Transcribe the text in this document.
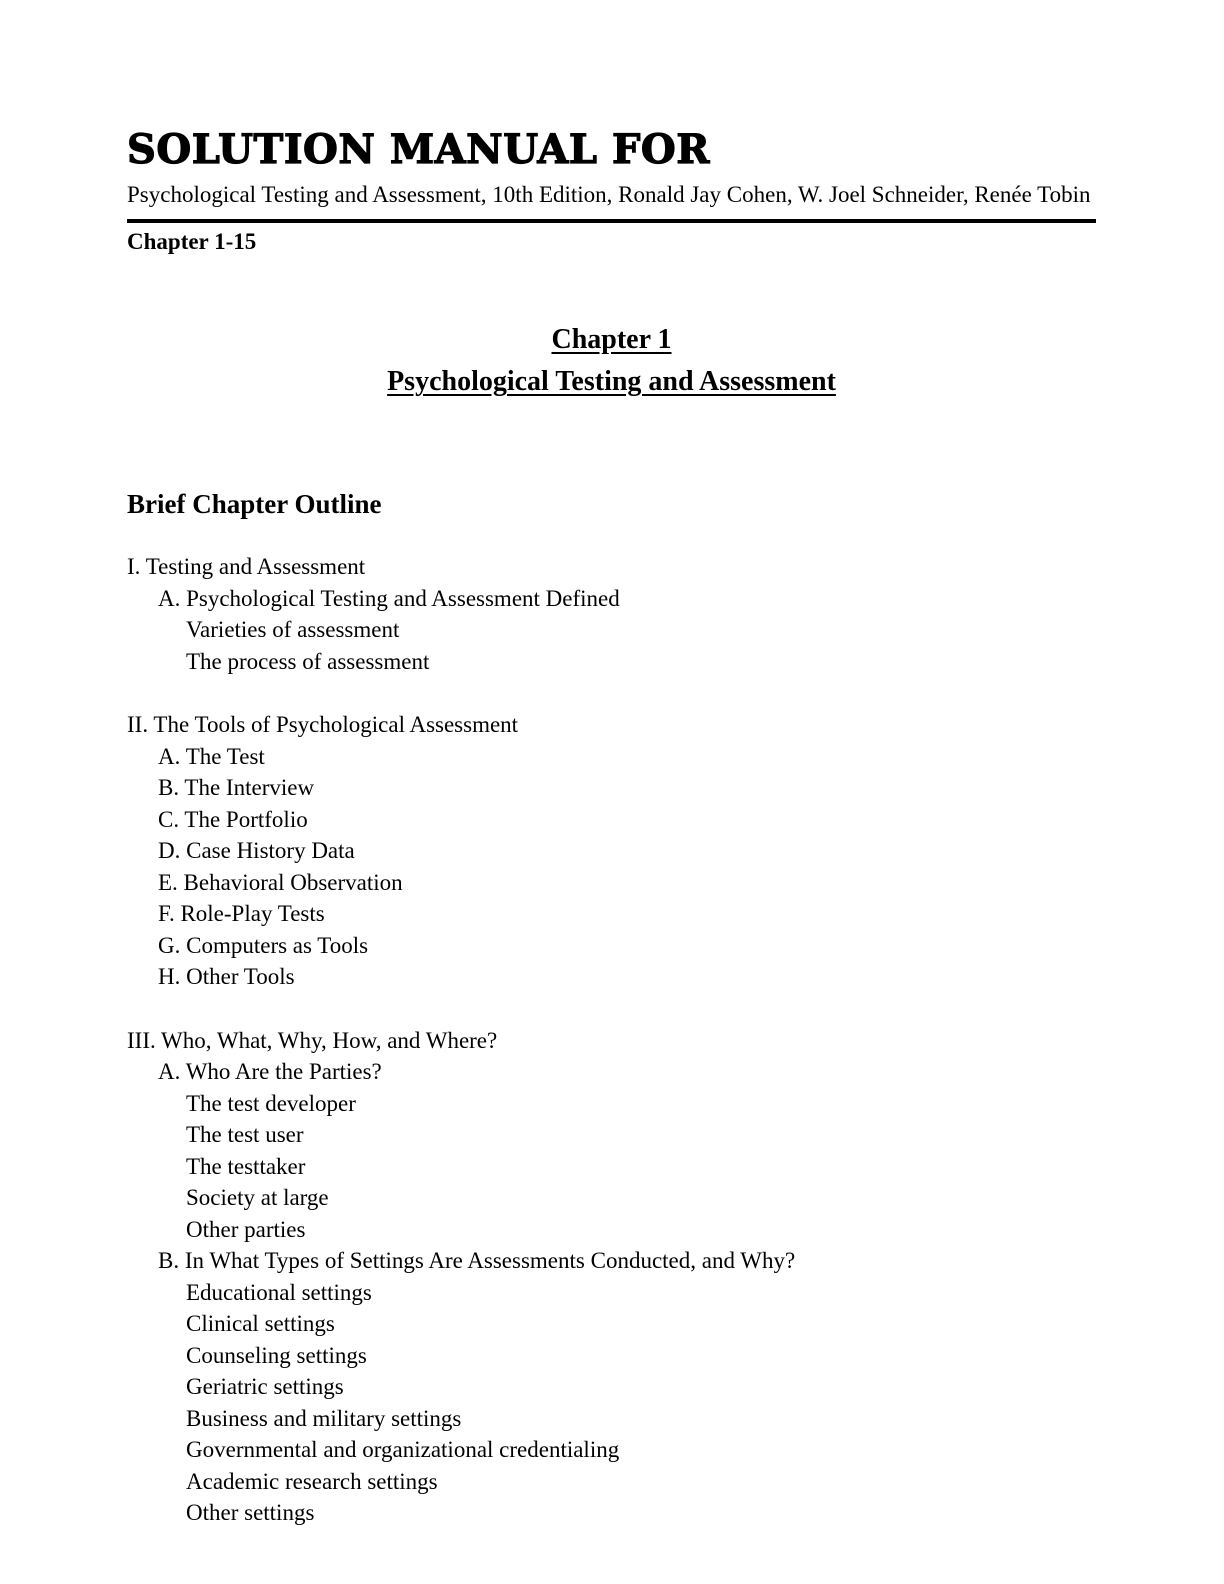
SOLUTION MANUAL FOR
Psychological Testing and Assessment, 10th Edition, Ronald Jay Cohen, W. Joel Schneider, Renée Tobin
Chapter 1-15
Chapter 1
Psychological Testing and Assessment
Brief Chapter Outline
I. Testing and Assessment
A. Psychological Testing and Assessment Defined
Varieties of assessment
The process of assessment
II. The Tools of Psychological Assessment
A. The Test
B. The Interview
C. The Portfolio
D. Case History Data
E. Behavioral Observation
F. Role-Play Tests
G. Computers as Tools
H. Other Tools
III. Who, What, Why, How, and Where?
A. Who Are the Parties?
The test developer
The test user
The testtaker
Society at large
Other parties
B. In What Types of Settings Are Assessments Conducted, and Why?
Educational settings
Clinical settings
Counseling settings
Geriatric settings
Business and military settings
Governmental and organizational credentialing
Academic research settings
Other settings
